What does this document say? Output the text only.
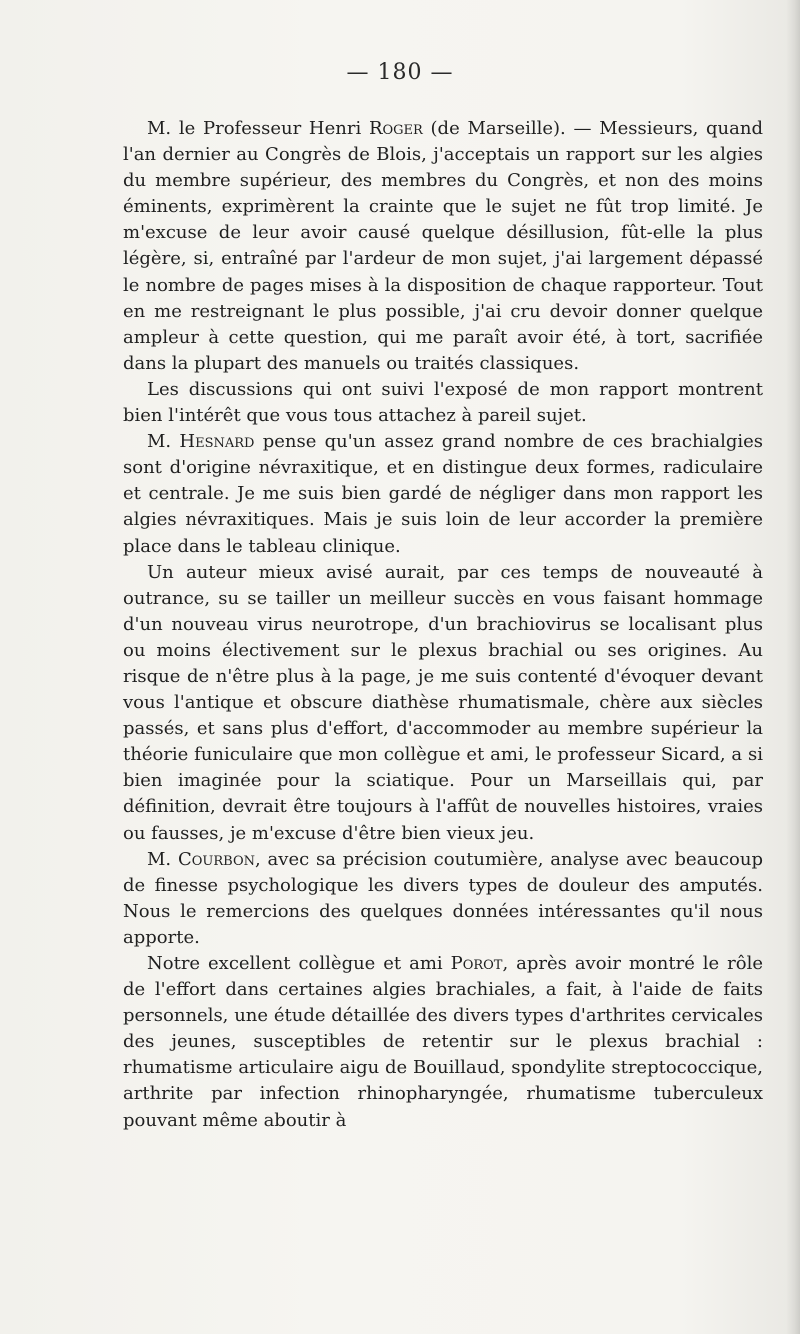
— 180 —

M. le Professeur Henri Roger (de Marseille). — Messieurs, quand l'an dernier au Congrès de Blois, j'acceptais un rapport sur les algies du membre supérieur, des membres du Congrès, et non des moins éminents, exprimèrent la crainte que le sujet ne fût trop limité. Je m'excuse de leur avoir causé quelque désillusion, fût-elle la plus légère, si, entraîné par l'ardeur de mon sujet, j'ai largement dépassé le nombre de pages mises à la disposition de chaque rapporteur. Tout en me restreignant le plus possible, j'ai cru devoir donner quelque ampleur à cette question, qui me paraît avoir été, à tort, sacrifiée dans la plupart des manuels ou traités classiques.

Les discussions qui ont suivi l'exposé de mon rapport montrent bien l'intérêt que vous tous attachez à pareil sujet.

M. Hesnard pense qu'un assez grand nombre de ces brachialgies sont d'origine névraxitique, et en distingue deux formes, radiculaire et centrale. Je me suis bien gardé de négliger dans mon rapport les algies névraxitiques. Mais je suis loin de leur accorder la première place dans le tableau clinique.

Un auteur mieux avisé aurait, par ces temps de nouveauté à outrance, su se tailler un meilleur succès en vous faisant hommage d'un nouveau virus neurotrope, d'un brachiovirus se localisant plus ou moins électivement sur le plexus brachial ou ses origines. Au risque de n'être plus à la page, je me suis contenté d'évoquer devant vous l'antique et obscure diathèse rhumatismale, chère aux siècles passés, et sans plus d'effort, d'accommoder au membre supérieur la théorie funiculaire que mon collègue et ami, le professeur Sicard, a si bien imaginée pour la sciatique. Pour un Marseillais qui, par définition, devrait être toujours à l'affût de nouvelles histoires, vraies ou fausses, je m'excuse d'être bien vieux jeu.

M. Courbon, avec sa précision coutumière, analyse avec beaucoup de finesse psychologique les divers types de douleur des amputés. Nous le remercions des quelques données intéressantes qu'il nous apporte.

Notre excellent collègue et ami Porot, après avoir montré le rôle de l'effort dans certaines algies brachiales, a fait, à l'aide de faits personnels, une étude détaillée des divers types d'arthrites cervicales des jeunes, susceptibles de retentir sur le plexus brachial : rhumatisme articulaire aigu de Bouillaud, spondylite streptococcique, arthrite par infection rhinopharyngée, rhumatisme tuberculeux pouvant même aboutir à
